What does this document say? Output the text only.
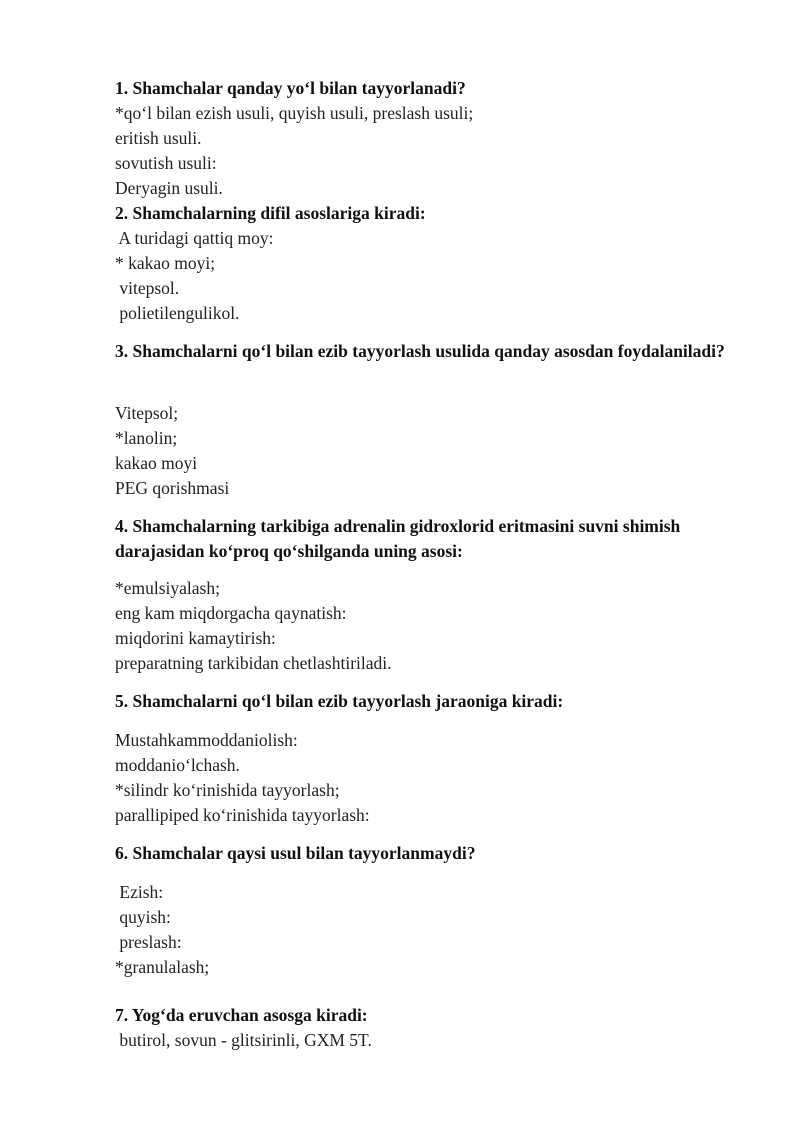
1. Shamchalar qanday yo‘l bilan tayyorlanadi?
*qo‘l bilan ezish usuli, quyish usuli, preslash usuli;
eritish usuli.
sovutish usuli:
Deryagin usuli.
2. Shamchalarning difil asoslariga kiradi:
A turidagi qattiq moy:
* kakao moyi;
vitepsol.
polietilengulikol.
3. Shamchalarni qo‘l bilan ezib tayyorlash usulida qanday asosdan foydalaniladi?
Vitepsol;
*lanolin;
kakao moyi
PEG qorishmasi
4. Shamchalarning tarkibiga adrenalin gidroxlorid eritmasini suvni shimish darajasidan ko‘proq qo‘shilganda uning asosi:
*emulsiyalash;
eng kam miqdorgacha qaynatish:
miqdorini kamaytirish:
preparatning tarkibidan chetlashtiriladi.
5. Shamchalarni qo‘l bilan ezib tayyorlash jaraoniga kiradi:
Mustahkammoddaniolish:
moddanio‘lchash.
*silindr ko‘rinishida tayyorlash;
parallipiped ko‘rinishida tayyorlash:
6. Shamchalar qaysi usul bilan tayyorlanmaydi?
Ezish:
quyish:
preslash:
*granulalash;
7. Yog‘da eruvchan asosga kiradi:
butirol, sovun - glitsirinli, GXM 5T.
